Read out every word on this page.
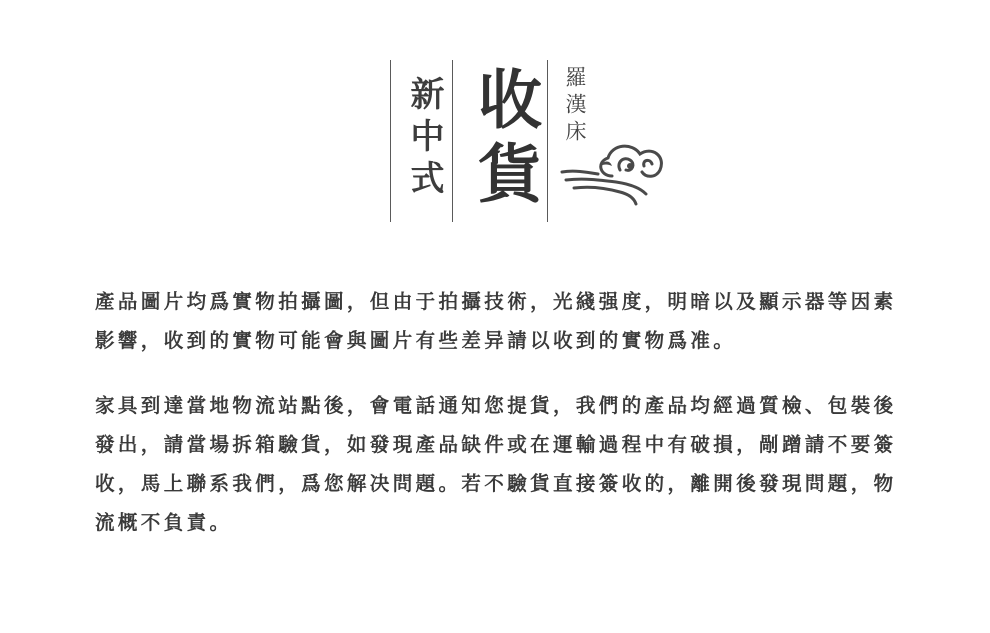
新中式 收貨	羅漢床
產品圖片均爲實物拍攝圖，但由于拍攝技術，光綫强度，明暗以及顯示器等因素影響，收到的實物可能會與圖片有些差异請以收到的實物爲准。
家具到達當地物流站點後，會電話通知您提貨，我們的產品均經過質檢、包裝後發出，請當場拆箱驗貨，如發現產品缺件或在運輸過程中有破損，剮蹭請不要簽收，馬上聯系我們，爲您解决問題。若不驗貨直接簽收的，離開後發現問題，物流概不負責。
